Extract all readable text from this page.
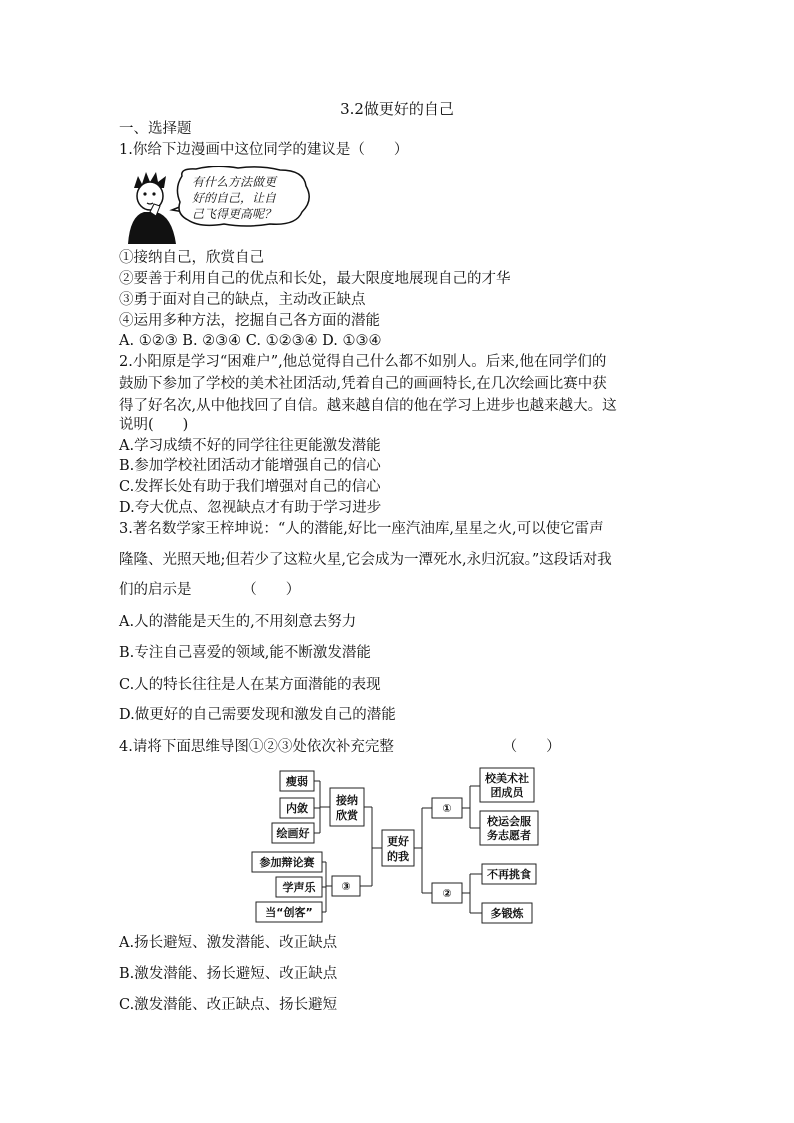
3.2做更好的自己
一、选择题
1.你给下边漫画中这位同学的建议是（　　）
有什么方法做更
好的自己，让自
己飞得更高呢？
①接纳自己，欣赏自己
②要善于利用自己的优点和长处，最大限度地展现自己的才华
③勇于面对自己的缺点，主动改正缺点
④运用多种方法，挖掘自己各方面的潜能
A. ①②③ B. ②③④ C. ①②③④ D. ①③④
2.小阳原是学习“困难户”,他总觉得自己什么都不如别人。后来,他在同学们的
鼓励下参加了学校的美术社团活动,凭着自己的画画特长,在几次绘画比赛中获
得了好名次,从中他找回了自信。越来越自信的他在学习上进步也越来越大。这
说明(　　)
A.学习成绩不好的同学往往更能激发潜能
B.参加学校社团活动才能增强自己的信心
C.发挥长处有助于我们增强对自己的信心
D.夸大优点、忽视缺点才有助于学习进步
3.著名数学家王梓坤说：“人的潜能,好比一座汽油库,星星之火,可以使它雷声
隆隆、光照天地;但若少了这粒火星,它会成为一潭死水,永归沉寂。”这段话对我
们的启示是　　　　（　　）
A.人的潜能是天生的,不用刻意去努力
B.专注自己喜爱的领域,能不断激发潜能
C.人的特长往往是人在某方面潜能的表现
D.做更好的自己需要发现和激发自己的潜能
4.请将下面思维导图①②③处依次补充完整　　　　　　　　（　　）
瘦弱
内敛
绘画好
参加辩论赛
学声乐
当“创客”
接纳
欣赏
③
更好
的我
①
②
校美术社
团成员
校运会服
务志愿者
不再挑食
多锻炼
A.扬长避短、激发潜能、改正缺点
B.激发潜能、扬长避短、改正缺点
C.激发潜能、改正缺点、扬长避短
